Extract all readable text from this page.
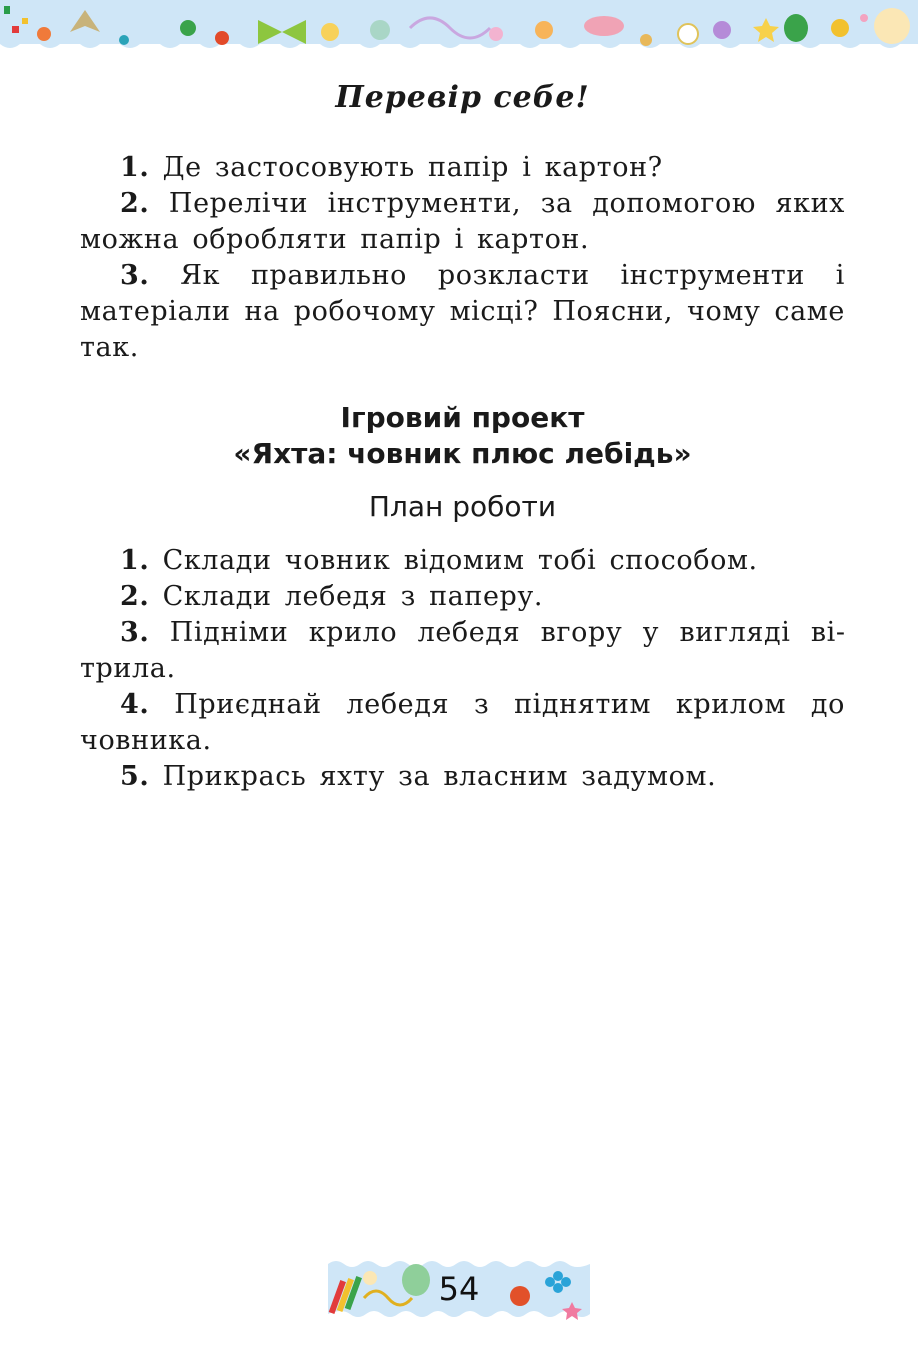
Перевір себе!

1. Де застосовують папір і картон?

2. Перелічи інструменти, за допомогою яких можна обробляти папір і картон.

3. Як правильно розкласти інструменти і матеріали на робочому місці? Поясни, чому саме так.

Ігровий проект
«Яхта: човник плюс лебідь»
План роботи

1. Склади човник відомим тобі способом.

2. Склади лебедя з паперу.

3. Підніми крило лебедя вгору у вигляді вітрила.

4. Приєднай лебедя з піднятим крилом до човника.

5. Прикрась яхту за власним задумом.

54
